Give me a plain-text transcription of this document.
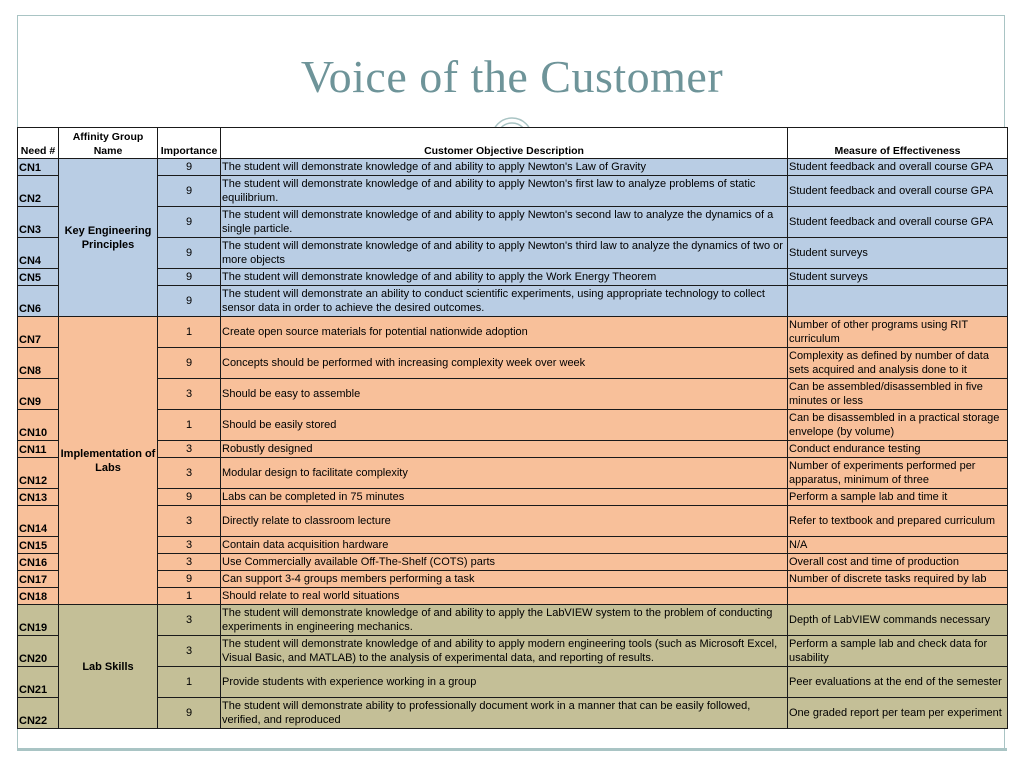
Voice of the Customer
Need #	Affinity Group Name	Importance	Customer Objective Description	Measure of Effectiveness
CN1	Key Engineering Principles	9	The student will demonstrate knowledge of and ability to apply Newton's Law of Gravity	Student feedback and overall course GPA
CN2		9	The student will demonstrate knowledge of and ability to apply Newton's first law to analyze problems of static equilibrium.	Student feedback and overall course GPA
CN3		9	The student will demonstrate knowledge of and ability to apply Newton's second law to analyze the dynamics of a single particle.	Student feedback and overall course GPA
CN4		9	The student will demonstrate knowledge of and ability to apply Newton's third law to analyze the dynamics of two or more objects	Student surveys
CN5		9	The student will demonstrate knowledge of and ability to apply the Work Energy Theorem	Student surveys
CN6		9	The student will demonstrate an ability to conduct scientific experiments, using appropriate technology to collect sensor data in order to achieve the desired outcomes.	
CN7	Implementation of Labs	1	Create open source materials for potential nationwide adoption	Number of other programs using RIT curriculum
CN8		9	Concepts should be performed with increasing complexity week over week	Complexity as defined by number of data sets acquired and analysis done to it
CN9		3	Should be easy to assemble	Can be assembled/disassembled in five minutes or less
CN10		1	Should be easily stored	Can be disassembled in a practical storage envelope (by volume)
CN11		3	Robustly designed	Conduct endurance testing
CN12		3	Modular design to facilitate complexity	Number of experiments performed per apparatus, minimum of three
CN13		9	Labs can be completed in 75 minutes	Perform a sample lab and time it
CN14		3	Directly relate to classroom lecture	Refer to textbook and prepared curriculum
CN15		3	Contain data acquisition hardware	N/A
CN16		3	Use Commercially available Off-The-Shelf (COTS) parts	Overall cost and time of production
CN17		9	Can support 3-4 groups members performing a task	Number of discrete tasks required by lab
CN18		1	Should relate to real world situations	
CN19	Lab Skills	3	The student will demonstrate knowledge of and ability to apply the LabVIEW system to the problem of conducting experiments in engineering mechanics.	Depth of LabVIEW commands necessary
CN20		3	The student will demonstrate knowledge of and ability to apply modern engineering tools (such as Microsoft Excel, Visual Basic, and MATLAB) to the analysis of experimental data, and reporting of results.	Perform a sample lab and check data for usability
CN21		1	Provide students with experience working in a group	Peer evaluations at the end of the semester
CN22		9	The student will demonstrate ability to professionally document work in a manner that can be easily followed, verified, and reproduced	One graded report per team per experiment
